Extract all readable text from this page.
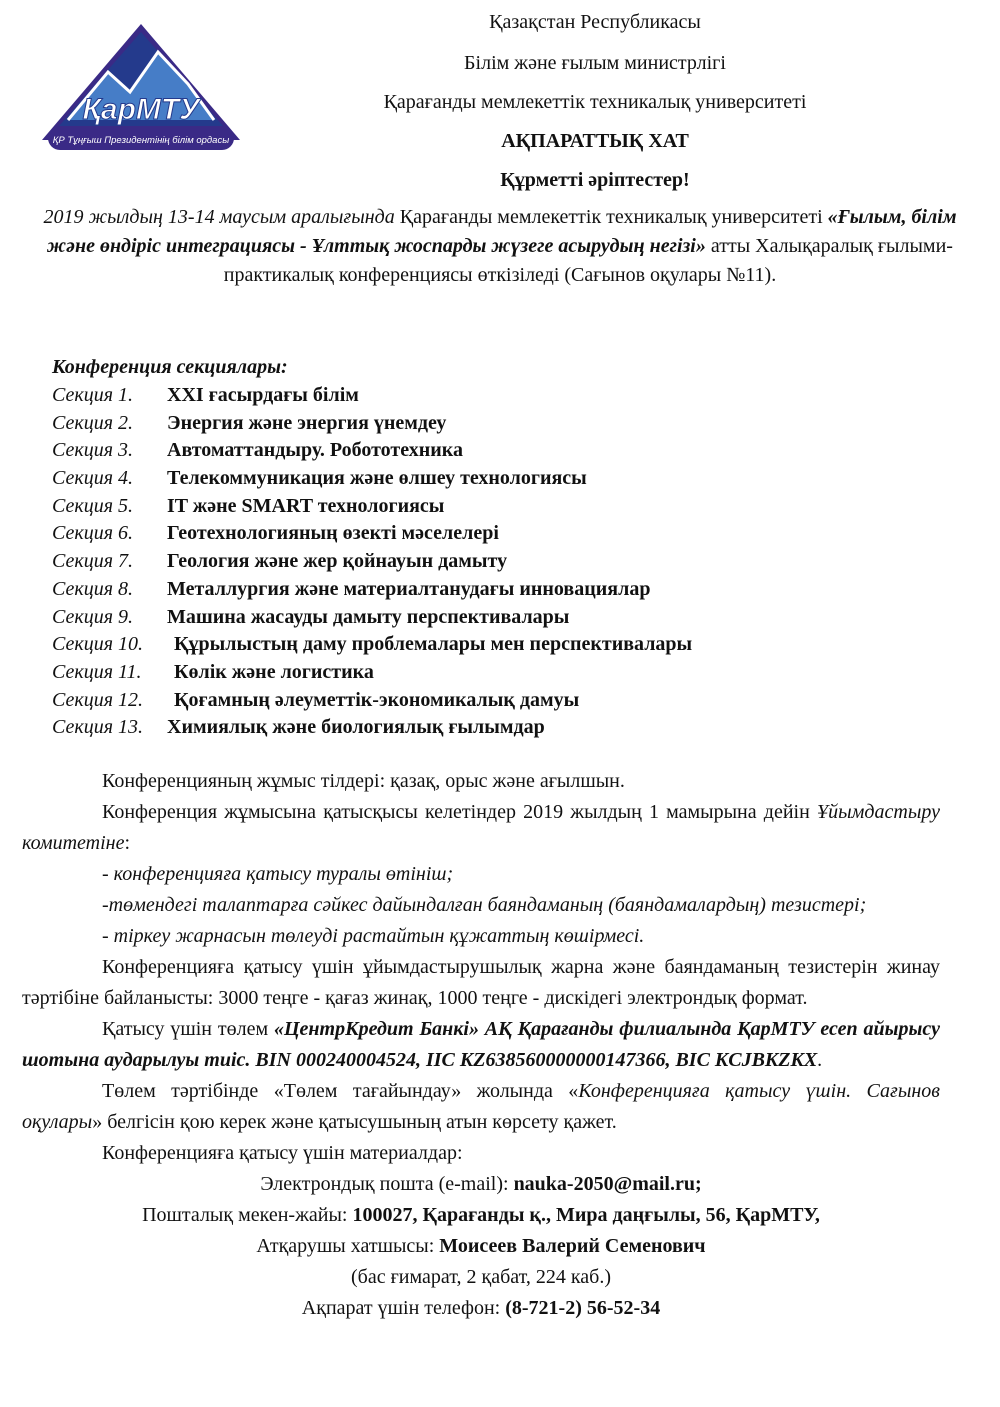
ҚарМТУ
ҚР Тұңғыш Президентінің білім ордасы

Қазақстан Республикасы

Білім және ғылым министрлігі

Қарағанды мемлекеттік техникалық университеті

АҚПАРАТТЫҚ ХАТ

Құрметті әріптестер!

2019 жылдың 13-14 маусым аралығында Қарағанды мемлекеттік техникалық университеті «Ғылым, білім және өндіріс интеграциясы - Ұлттық жоспарды жүзеге асырудың негізі» атты Халықаралық ғылыми-практикалық конференциясы өткізіледі (Сағынов оқулары №11).

Конференция секциялары:

Секция 1. XXI ғасырдағы білім
Секция 2. Энергия және энергия үнемдеу
Секция 3. Автоматтандыру. Робототехника
Секция 4. Телекоммуникация және өлшеу технологиясы
Секция 5. IT және SMART технологиясы
Секция 6. Геотехнологияның өзекті мәселелері
Секция 7. Геология және жер қойнауын дамыту
Секция 8. Металлургия және материалтанудағы инновациялар
Секция 9. Машина жасауды дамыту перспективалары
Секция 10. Құрылыстың даму проблемалары мен перспективалары
Секция 11. Көлік және логистика
Секция 12. Қоғамның әлеуметтік-экономикалық дамуы
Секция 13. Химиялық және биологиялық ғылымдар

Конференцияның жұмыс тілдері: қазақ, орыс және ағылшын.

Конференция жұмысына қатысқысы келетіндер 2019 жылдың 1 мамырына дейін Ұйымдастыру комитетіне:

- конференцияға қатысу туралы өтініш;

-төмендегі талаптарға сәйкес дайындалған баяндаманың (баяндамалардың) тезистері;

- тіркеу жарнасын төлеуді растайтын құжаттың көшірмесі.

Конференцияға қатысу үшін ұйымдастырушылық жарна және баяндаманың тезистерін жинау тәртібіне байланысты: 3000 теңге - қағаз жинақ, 1000 теңге - дискідегі электрондық формат.

Қатысу үшін төлем «ЦентрКредит Банкі» АҚ Қарағанды филиалында ҚарМТУ есеп айырысу шотына аударылуы тиіс. BIN 000240004524, IIC KZ638560000000147366, BIC KCJBKZKX.

Төлем тәртібінде «Төлем тағайындау» жолында «Конференцияға қатысу үшін. Сағынов оқулары» белгісін қою керек және қатысушының атын көрсету қажет.

Конференцияға қатысу үшін материалдар:

Электрондық пошта (e-mail): nauka-2050@mail.ru;

Пошталық мекен-жайы: 100027, Қарағанды қ., Мира даңғылы, 56, ҚарМТУ,

Атқарушы хатшысы: Моисеев Валерий Семенович

(бас ғимарат, 2 қабат, 224 каб.)

Ақпарат үшін телефон: (8-721-2) 56-52-34
